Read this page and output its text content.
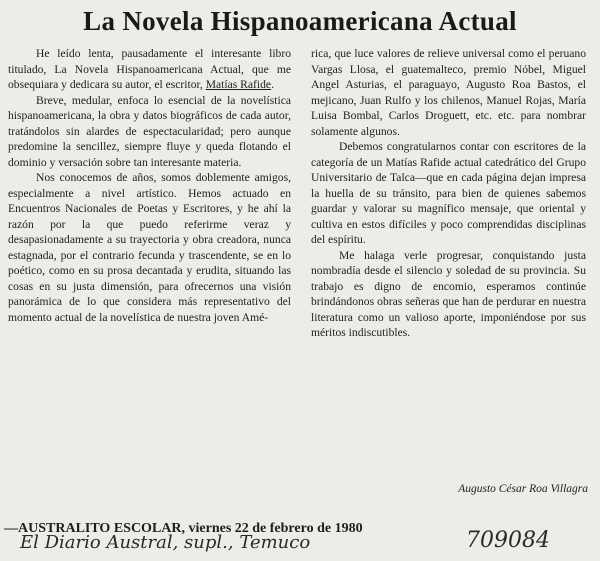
La Novela Hispanoamericana Actual

He leído lenta, pausadamente el interesante libro titulado, La Novela Hispanoamericana Actual, que me obsequiara y dedicara su autor, el escritor, Matías Rafide.

Breve, medular, enfoca lo esencial de la novelística hispanoamericana, la obra y datos biográficos de cada autor, tratándolos sin alardes de espectacularidad; pero aunque predomine la sencillez, siempre fluye y queda flotando el dominio y versación sobre tan interesante materia.

Nos conocemos de años, somos doblemente amigos, especialmente a nivel artístico. Hemos actuado en Encuentros Nacionales de Poetas y Escritores, y he ahí la razón por la que puedo referirme veraz y desapasionadamente a su trayectoria y obra creadora, nunca estagnada, por el contrario fecunda y trascendente, se en lo poético, como en su prosa decantada y erudita, situando las cosas en su justa dimensión, para ofrecernos una visión panorámica de lo que considera más representativo del momento actual de la novelística de nuestra joven Amé-

rica, que luce valores de relieve universal como el peruano Vargas Llosa, el guatemalteco, premio Nóbel, Miguel Angel Asturias, el paraguayo, Augusto Roa Bastos, el mejicano, Juan Rulfo y los chilenos, Manuel Rojas, María Luisa Bombal, Carlos Droguett, etc. etc. para nombrar solamente algunos.

Debemos congratularnos contar con escritores de la categoría de un Matías Rafide actual catedrático del Grupo Universitario de Talca—que en cada página dejan impresa la huella de su tránsito, para bien de quienes sabemos guardar y valorar su magnífico mensaje, que oriental y cultiva en estos difíciles y poco comprendidas disciplinas del espíritu.

Me halaga verle progresar, conquistando justa nombradía desde el silencio y soledad de su provincia. Su trabajo es digno de encomio, esperamos continúe brindándonos obras señeras que han de perdurar en nuestra literatura como un valioso aporte, imponiéndose por sus méritos indiscutibles.

Augusto César Roa Villagra
—AUSTRALITO ESCOLAR, viernes 22 de febrero de 1980
El Diario Austral, supl., Temuco	709084
